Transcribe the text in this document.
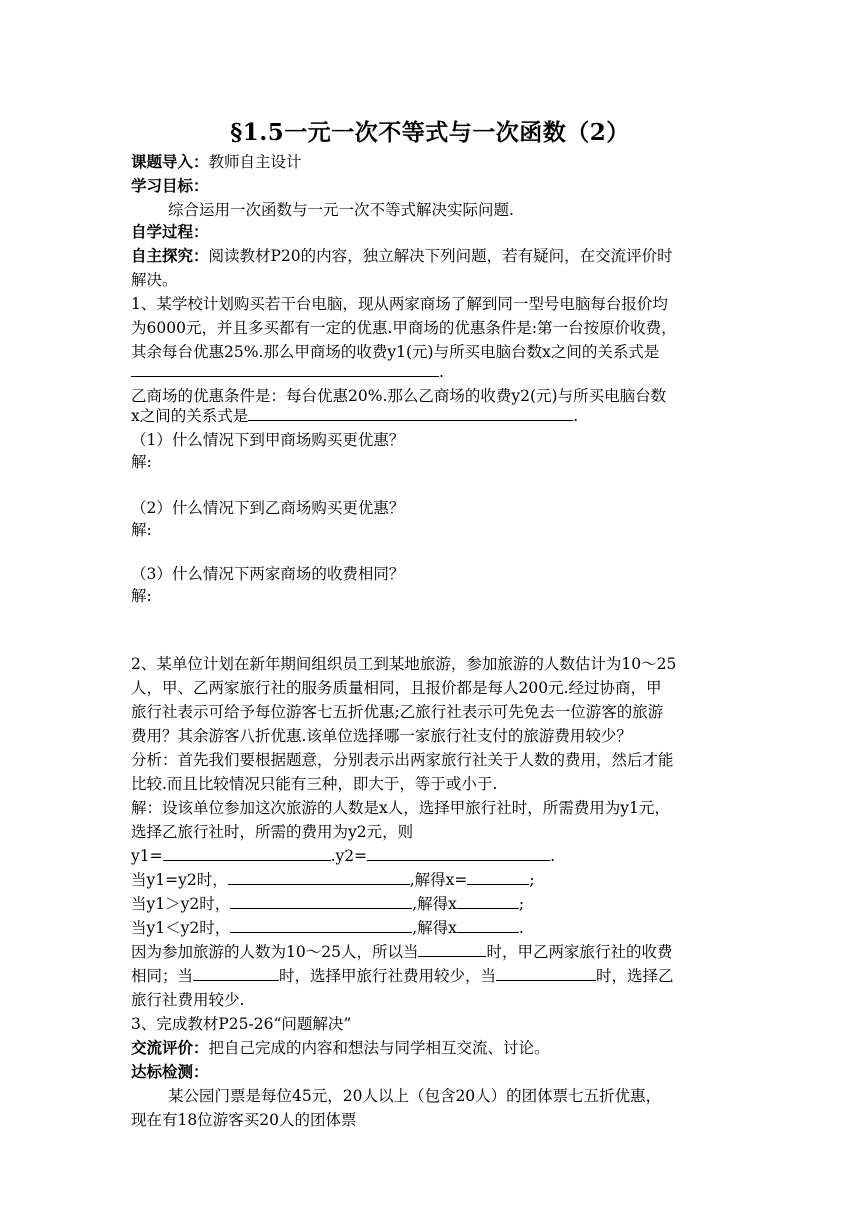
§1.5一元一次不等式与一次函数（2）
课题导入：教师自主设计
学习目标：
综合运用一次函数与一元一次不等式解决实际问题.
自学过程：
自主探究：阅读教材P20的内容，独立解决下列问题，若有疑问，在交流评价时
解决。
1、某学校计划购买若干台电脑，现从两家商场了解到同一型号电脑每台报价均
为6000元，并且多买都有一定的优惠.甲商场的优惠条件是:第一台按原价收费，
其余每台优惠25%.那么甲商场的收费y1(元)与所买电脑台数x之间的关系式是
.
乙商场的优惠条件是：每台优惠20%.那么乙商场的收费y2(元)与所买电脑台数
x之间的关系式是	.
（1）什么情况下到甲商场购买更优惠？
解:
（2）什么情况下到乙商场购买更优惠？
解:
（3）什么情况下两家商场的收费相同？
解:
2、某单位计划在新年期间组织员工到某地旅游，参加旅游的人数估计为10～25
人，甲、乙两家旅行社的服务质量相同，且报价都是每人200元.经过协商，甲
旅行社表示可给予每位游客七五折优惠;乙旅行社表示可先免去一位游客的旅游
费用？其余游客八折优惠.该单位选择哪一家旅行社支付的旅游费用较少？
分析：首先我们要根据题意，分别表示出两家旅行社关于人数的费用，然后才能
比较.而且比较情况只能有三种，即大于，等于或小于.
解：设该单位参加这次旅游的人数是x人，选择甲旅行社时，所需费用为y1元，
选择乙旅行社时，所需的费用为y2元，则
y1=	.y2=	.
当y1=y2时，	,解得x=	;
当y1＞y2时，	,解得x	;
当y1＜y2时，	,解得x	.
因为参加旅游的人数为10～25人，所以当	时，甲乙两家旅行社的收费
相同；当	时，选择甲旅行社费用较少，当	时，选择乙
旅行社费用较少.
3、完成教材P25-26“问题解决”
交流评价：把自己完成的内容和想法与同学相互交流、讨论。
达标检测：
某公园门票是每位45元，20人以上（包含20人）的团体票七五折优惠，
现在有18位游客买20人的团体票
